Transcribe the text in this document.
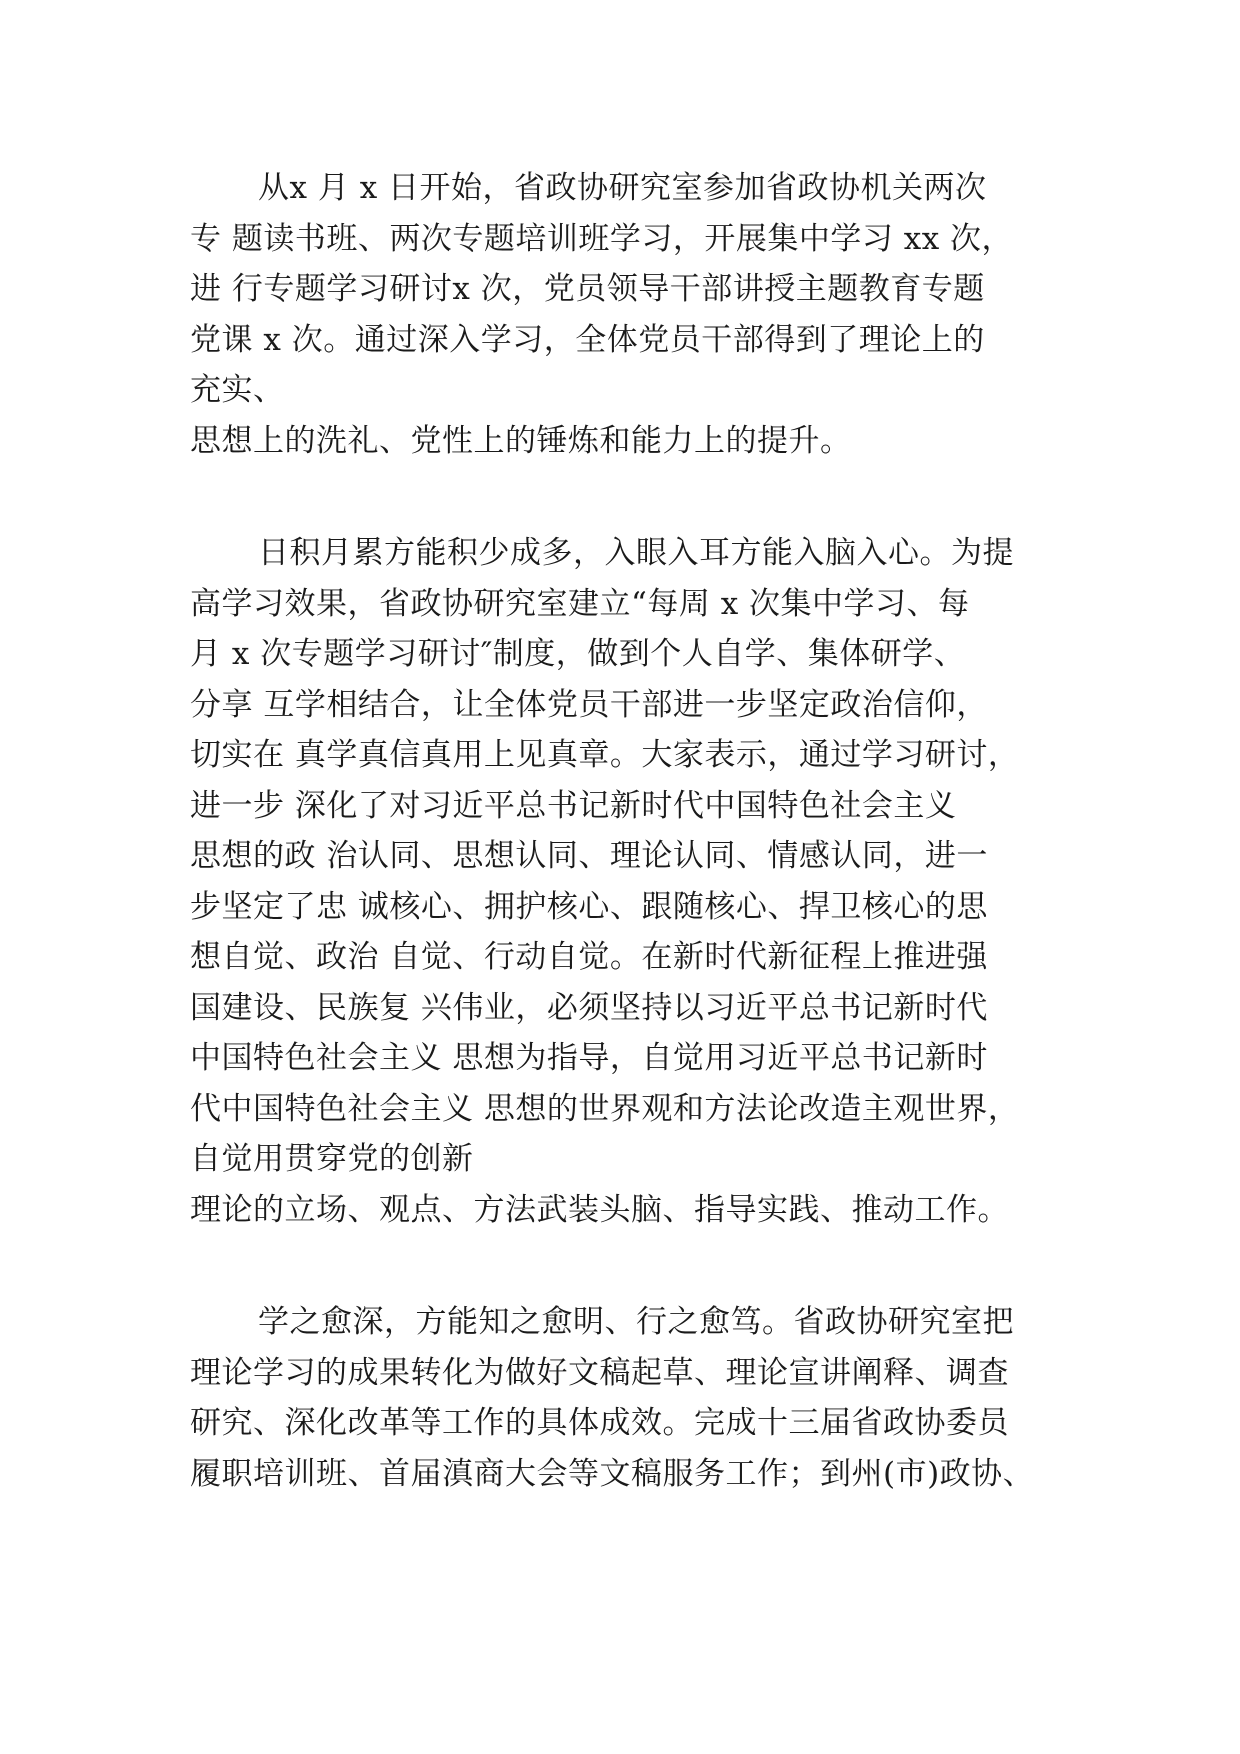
从x 月 x 日开始，省政协研究室参加省政协机关两次

专 题读书班、两次专题培训班学习，开展集中学习 xx 次，

进 行专题学习研讨x 次，党员领导干部讲授主题教育专题

党课 x 次。通过深入学习，全体党员干部得到了理论上的

充实、

思想上的洗礼、党性上的锤炼和能力上的提升。

日积月累方能积少成多，入眼入耳方能入脑入心。为提

高学习效果，省政协研究室建立“每周 x 次集中学习、每

月 x 次专题学习研讨″制度，做到个人自学、集体研学、

分享 互学相结合，让全体党员干部进一步坚定政治信仰，

切实在 真学真信真用上见真章。大家表示，通过学习研讨，

进一步 深化了对习近平总书记新时代中国特色社会主义

思想的政 治认同、思想认同、理论认同、情感认同，进一

步坚定了忠 诚核心、拥护核心、跟随核心、捍卫核心的思

想自觉、政治 自觉、行动自觉。在新时代新征程上推进强

国建设、民族复 兴伟业，必须坚持以习近平总书记新时代

中国特色社会主义 思想为指导，自觉用习近平总书记新时

代中国特色社会主义 思想的世界观和方法论改造主观世界，

自觉用贯穿党的创新

理论的立场、观点、方法武装头脑、指导实践、推动工作。

学之愈深，方能知之愈明、行之愈笃。省政协研究室把

理论学习的成果转化为做好文稿起草、理论宣讲阐释、调查

研究、深化改革等工作的具体成效。完成十三届省政协委员

履职培训班、首届滇商大会等文稿服务工作；到州(市)政协、
